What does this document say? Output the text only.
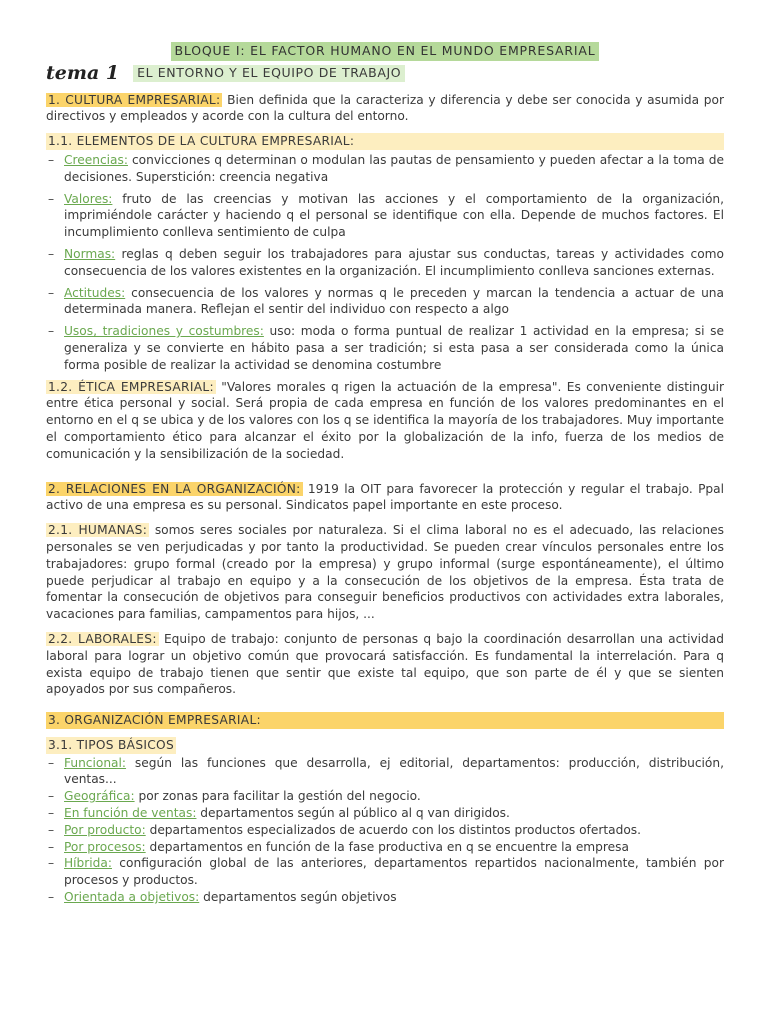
BLOQUE I: EL FACTOR HUMANO EN EL MUNDO EMPRESARIAL
tema 1	EL ENTORNO Y EL EQUIPO DE TRABAJO

1. CULTURA EMPRESARIAL: Bien definida que la caracteriza y diferencia y debe ser conocida y asumida por directivos y empleados y acorde con la cultura del entorno.

1.1. ELEMENTOS DE LA CULTURA EMPRESARIAL:
– Creencias: convicciones q determinan o modulan las pautas de pensamiento y pueden afectar a la toma de decisiones. Superstición: creencia negativa
– Valores: fruto de las creencias y motivan las acciones y el comportamiento de la organización, imprimiéndole carácter y haciendo q el personal se identifique con ella. Depende de muchos factores. El incumplimiento conlleva sentimiento de culpa
– Normas: reglas q deben seguir los trabajadores para ajustar sus conductas, tareas y actividades como consecuencia de los valores existentes en la organización. El incumplimiento conlleva sanciones externas.
– Actitudes: consecuencia de los valores y normas q le preceden y marcan la tendencia a actuar de una determinada manera. Reflejan el sentir del individuo con respecto a algo
– Usos, tradiciones y costumbres: uso: moda o forma puntual de realizar 1 actividad en la empresa; si se generaliza y se convierte en hábito pasa a ser tradición; si esta pasa a ser considerada como la única forma posible de realizar la actividad se denomina costumbre

1.2. ÉTICA EMPRESARIAL: "Valores morales q rigen la actuación de la empresa". Es conveniente distinguir entre ética personal y social. Será propia de cada empresa en función de los valores predominantes en el entorno en el q se ubica y de los valores con los q se identifica la mayoría de los trabajadores. Muy importante el comportamiento ético para alcanzar el éxito por la globalización de la info, fuerza de los medios de comunicación y la sensibilización de la sociedad.

2. RELACIONES EN LA ORGANIZACIÓN: 1919 la OIT para favorecer la protección y regular el trabajo. Ppal activo de una empresa es su personal. Sindicatos papel importante en este proceso.

2.1. HUMANAS: somos seres sociales por naturaleza. Si el clima laboral no es el adecuado, las relaciones personales se ven perjudicadas y por tanto la productividad. Se pueden crear vínculos personales entre los trabajadores: grupo formal (creado por la empresa) y grupo informal (surge espontáneamente), el último puede perjudicar al trabajo en equipo y a la consecución de los objetivos de la empresa. Ésta trata de fomentar la consecución de objetivos para conseguir beneficios productivos con actividades extra laborales, vacaciones para familias, campamentos para hijos, ...

2.2. LABORALES: Equipo de trabajo: conjunto de personas q bajo la coordinación desarrollan una actividad laboral para lograr un objetivo común que provocará satisfacción. Es fundamental la interrelación. Para q exista equipo de trabajo tienen que sentir que existe tal equipo, que son parte de él y que se sienten apoyados por sus compañeros.

3. ORGANIZACIÓN EMPRESARIAL:
3.1. TIPOS BÁSICOS
– Funcional: según las funciones que desarrolla, ej editorial, departamentos: producción, distribución, ventas...
– Geográfica: por zonas para facilitar la gestión del negocio.
– En función de ventas: departamentos según al público al q van dirigidos.
– Por producto: departamentos especializados de acuerdo con los distintos productos ofertados.
– Por procesos: departamentos en función de la fase productiva en q se encuentre la empresa
– Híbrida: configuración global de las anteriores, departamentos repartidos nacionalmente, también por procesos y productos.
– Orientada a objetivos: departamentos según objetivos
